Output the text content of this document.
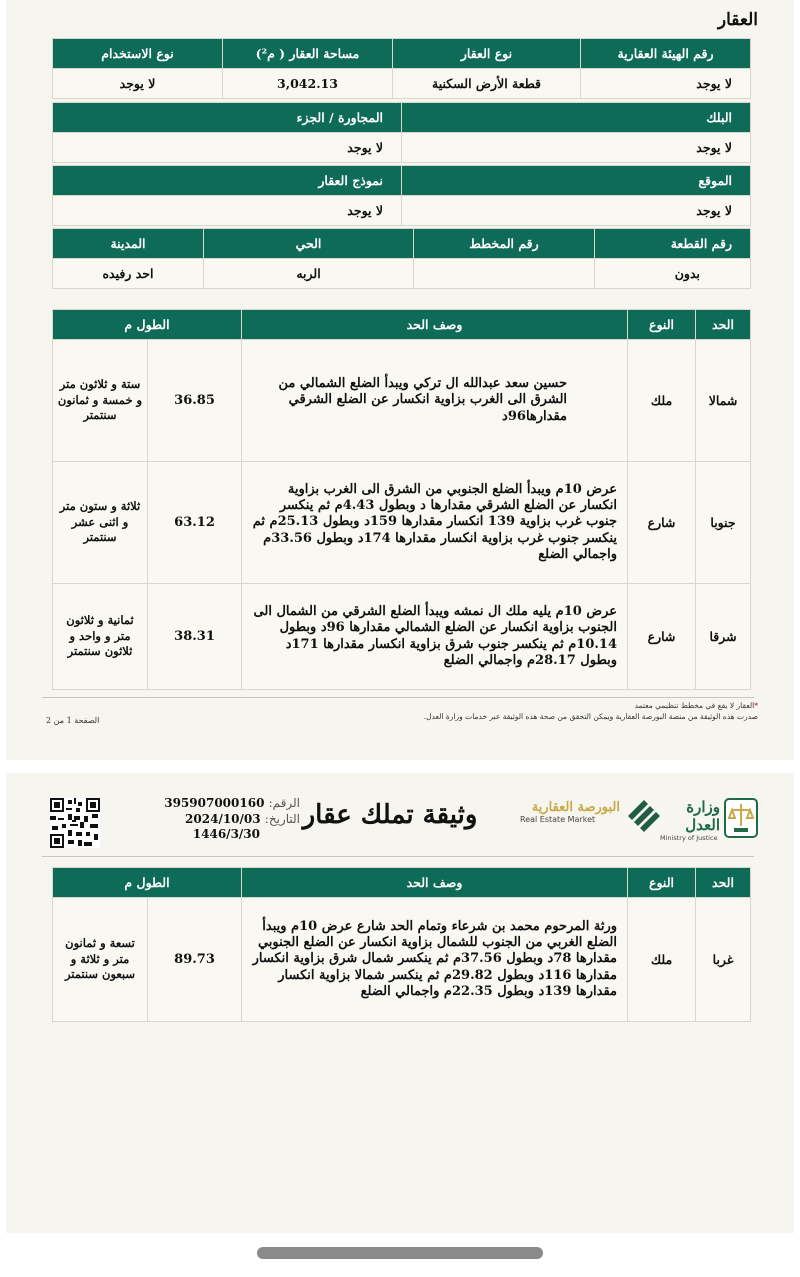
العقار
رقم الهيئة العقارية	نوع العقار	مساحة العقار ( م²)	نوع الاستخدام
لا يوجد	قطعة الأرض السكنية	3,042.13	لا يوجد
البلك	المجاورة / الجزء
لا يوجد	لا يوجد
الموقع	نموذج العقار
لا يوجد	لا يوجد
رقم القطعة	رقم المخطط	الحي	المدينة
بدون		الربه	احد رفيده
الحد	النوع	وصف الحد	الطول م	
شمالا	ملك	حسين سعد عبدالله ال تركي ويبدأ الضلع الشمالي من الشرق الى الغرب بزاوية انكسار عن الضلع الشرقي مقدارها96د	36.85	ستة و ثلاثون متر و خمسة و ثمانون سنتمتر
جنوبا	شارع	عرض 10م ويبدأ الضلع الجنوبي من الشرق الى الغرب بزاوية انكسار عن الضلع الشرقي مقدارها د وبطول 4.43م ثم ينكسر جنوب غرب بزاوية 139 انكسار مقدارها 159د وبطول 25.13م ثم ينكسر جنوب غرب بزاوية انكسار مقدارها 174د وبطول 33.56م واجمالي الضلع	63.12	ثلاثة و ستون متر و اثنى عشر سنتمتر
شرقا	شارع	عرض 10م يليه ملك ال نمشه ويبدأ الضلع الشرقي من الشمال الى الجنوب بزاوية انكسار عن الضلع الشمالي مقدارها 96د وبطول 10.14م ثم ينكسر جنوب شرق بزاوية انكسار مقدارها 171د وبطول 28.17م واجمالي الضلع	38.31	ثمانية و ثلاثون متر و واحد و ثلاثون سنتمتر
*العقار لا يقع في مخطط تنظيمي معتمد
صدرت هذه الوثيقة من منصة البورصة العقارية ويمكن التحقق من صحة هذه الوثيقة عبر خدمات وزارة العدل.
الصفحة 1 من 2
الرقم: 395907000160
التاريخ: 2024/10/03
1446/3/30
وثيقة تملك عقار	البورصة العقارية
Real Estate Market
وزارة العدل
Ministry of Justice
الحد	النوع	وصف الحد	الطول م	
غربا	ملك	ورثة المرحوم محمد بن شرعاء وتمام الحد شارع عرض 10م ويبدأ الضلع الغربي من الجنوب للشمال بزاوية انكسار عن الضلع الجنوبي مقدارها 78د وبطول 37.56م ثم ينكسر شمال شرق بزاوية انكسار مقدارها 116د وبطول 29.82م ثم ينكسر شمالا بزاوية انكسار مقدارها 139د وبطول 22.35م واجمالي الضلع	89.73	تسعة و ثمانون متر و ثلاثة و سبعون سنتمتر
